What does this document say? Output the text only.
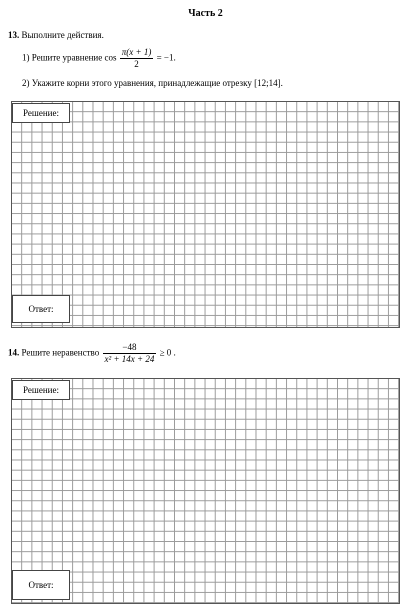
Часть 2
13. Выполните действия.
1) Решите уравнение $\cos \frac{\pi(x + 1)}{2} = -1$.
2) Укажите корни этого уравнения, принадлежащие отрезку [12;14].
Решение:
Ответ:
14. Решите неравенство $\frac{-48}{\text{x² + 14x + 24}} \ge 0$ .
Решение:
Ответ:
